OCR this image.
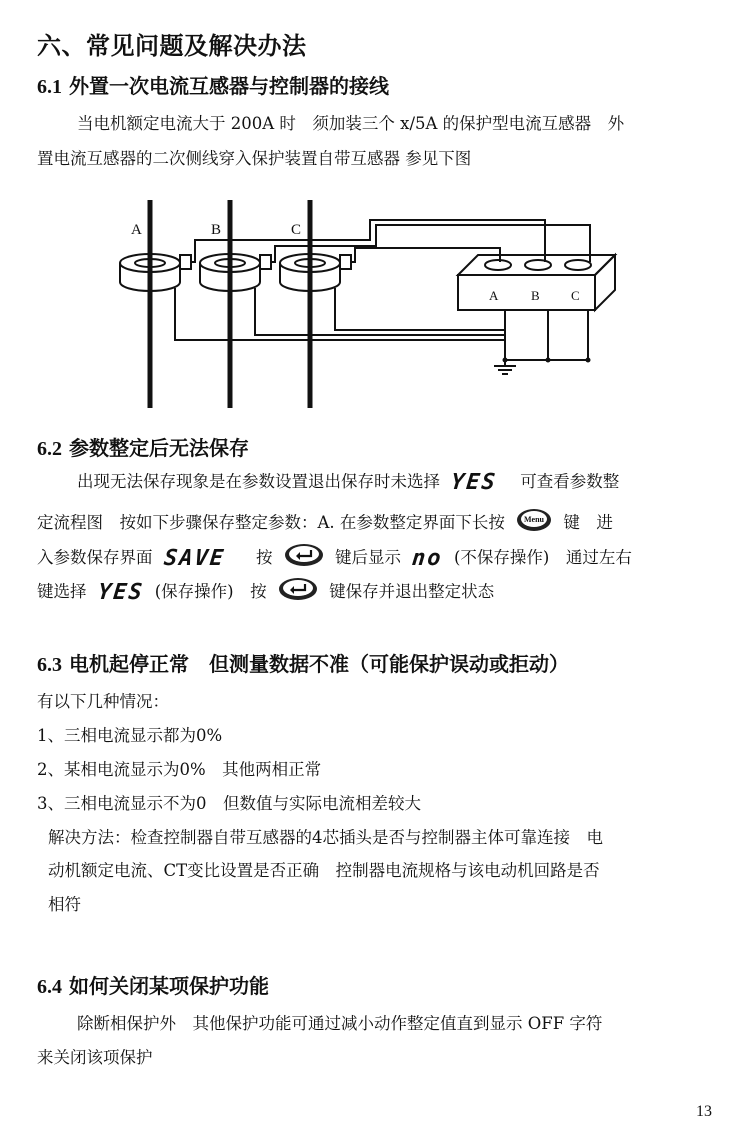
六、常见问题及解决办法
6.1 外置一次电流互感器与控制器的接线
当电机额定电流大于 200A 时　须加装三个 x/5A 的保护型电流互感器　外
置电流互感器的二次侧线穿入保护装置自带互感器 参见下图
A	B	C
A	B C
6.2 参数整定后无法保存
出现无法保存现象是在参数设置退出保存时未选择 YES 可查看参数整
定流程图　按如下步骤保存整定参数：A. 在参数整定界面下长按 Menu 键　进
入参数保存界面 SAVE 按	键后显示 no (不保存操作)　通过左右
键选择 YES (保存操作)　按	键保存并退出整定状态
6.3 电机起停正常　但测量数据不准（可能保护误动或拒动）
有以下几种情况：
1、三相电流显示都为0%
2、某相电流显示为0%　其他两相正常
3、三相电流显示不为0　但数值与实际电流相差较大
解决方法：检查控制器自带互感器的4芯插头是否与控制器主体可靠连接　电
动机额定电流、CT变比设置是否正确　控制器电流规格与该电动机回路是否
相符
6.4 如何关闭某项保护功能
除断相保护外　其他保护功能可通过减小动作整定值直到显示 OFF 字符
来关闭该项保护
13
